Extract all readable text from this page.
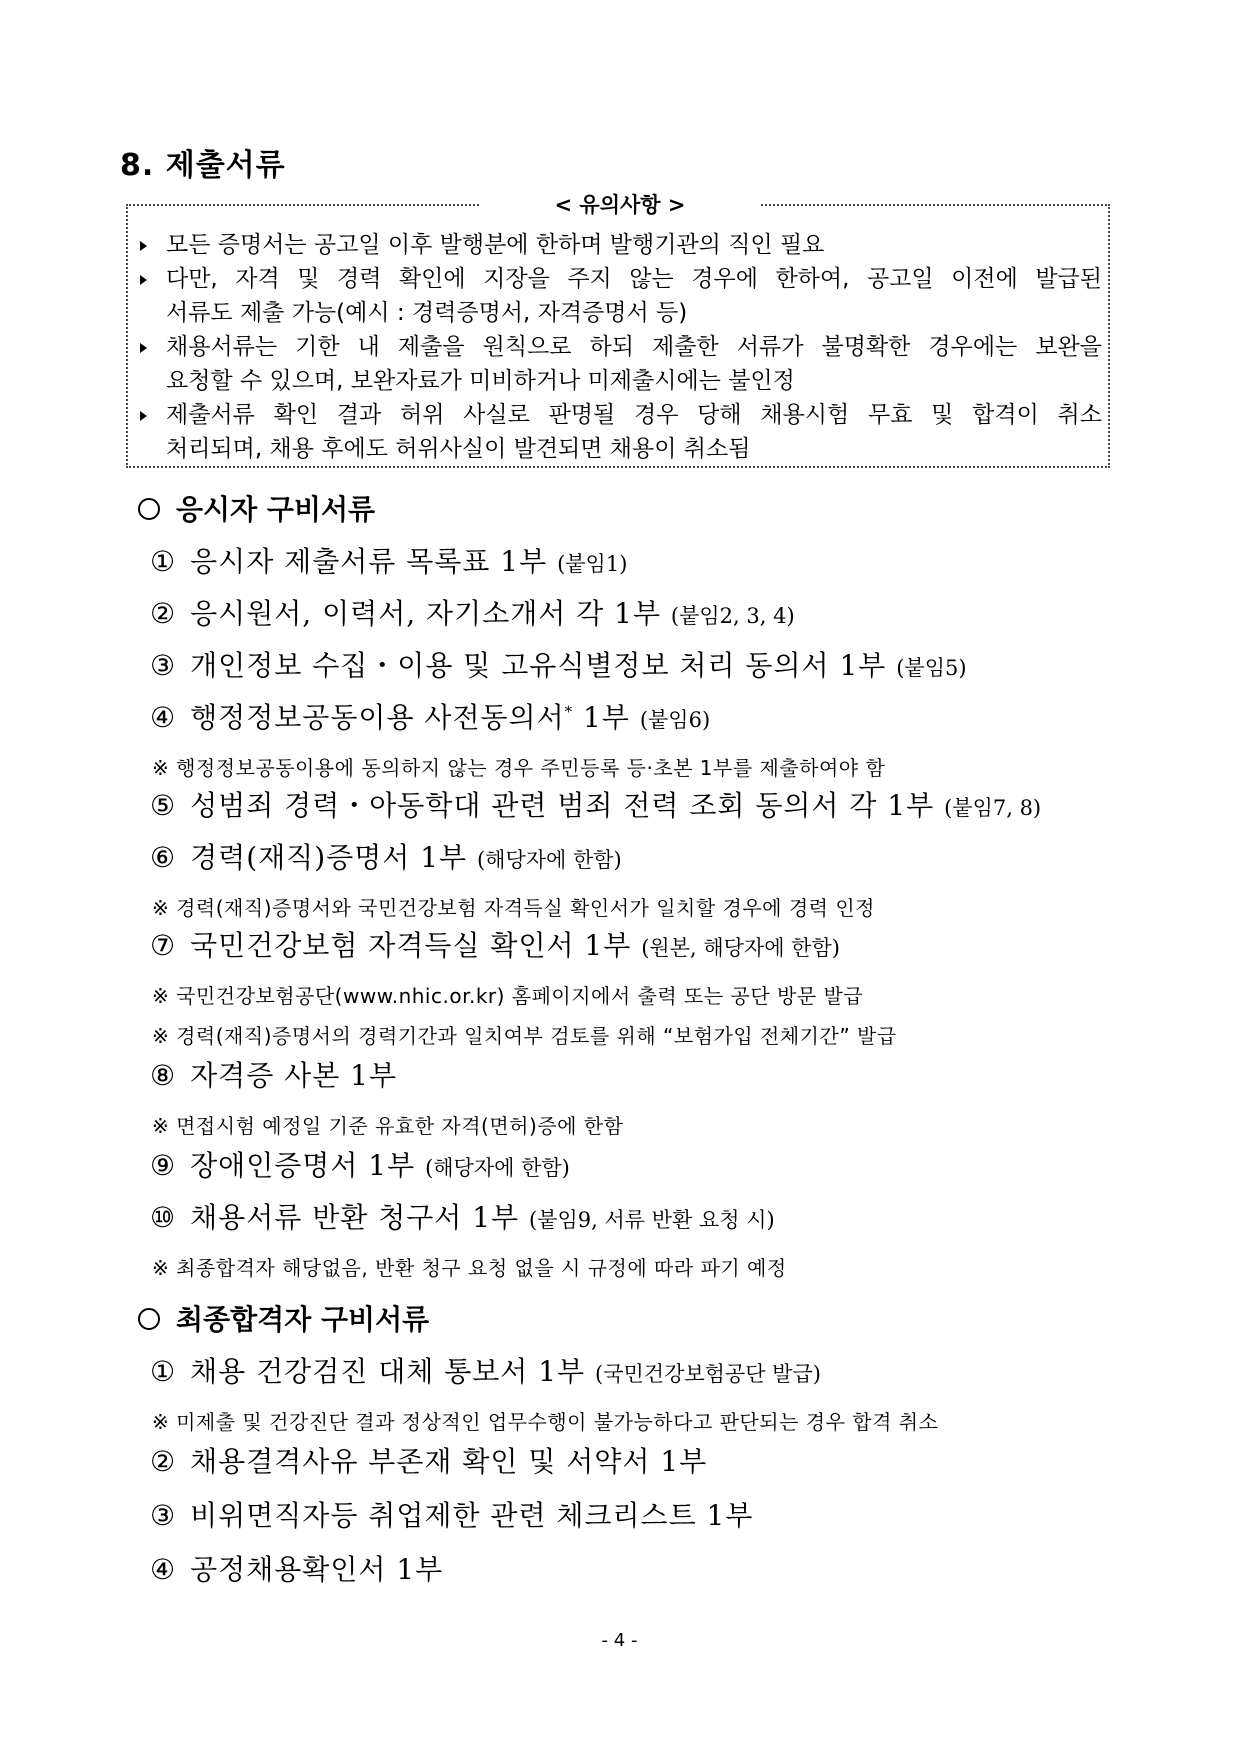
8. 제출서류
< 유의사항 >
모든 증명서는 공고일 이후 발행분에 한하며 발행기관의 직인 필요
다만, 자격 및 경력 확인에 지장을 주지 않는 경우에 한하여, 공고일 이전에 발급된
서류도 제출 가능(예시 : 경력증명서, 자격증명서 등)
채용서류는 기한 내 제출을 원칙으로 하되 제출한 서류가 불명확한 경우에는 보완을
요청할 수 있으며, 보완자료가 미비하거나 미제출시에는 불인정
제출서류 확인 결과 허위 사실로 판명될 경우 당해 채용시험 무효 및 합격이 취소
처리되며, 채용 후에도 허위사실이 발견되면 채용이 취소됨
응시자 구비서류
① 응시자 제출서류 목록표 1부 (붙임1)
② 응시원서, 이력서, 자기소개서 각 1부 (붙임2, 3, 4)
③ 개인정보 수집・이용 및 고유식별정보 처리 동의서 1부 (붙임5)
④ 행정정보공동이용 사전동의서* 1부 (붙임6)
※ 행정정보공동이용에 동의하지 않는 경우 주민등록 등·초본 1부를 제출하여야 함
⑤ 성범죄 경력・아동학대 관련 범죄 전력 조회 동의서 각 1부 (붙임7, 8)
⑥ 경력(재직)증명서 1부 (해당자에 한함)
※ 경력(재직)증명서와 국민건강보험 자격득실 확인서가 일치할 경우에 경력 인정
⑦ 국민건강보험 자격득실 확인서 1부 (원본, 해당자에 한함)
※ 국민건강보험공단(www.nhic.or.kr) 홈페이지에서 출력 또는 공단 방문 발급
※ 경력(재직)증명서의 경력기간과 일치여부 검토를 위해 “보험가입 전체기간” 발급
⑧ 자격증 사본 1부
※ 면접시험 예정일 기준 유효한 자격(면허)증에 한함
⑨ 장애인증명서 1부 (해당자에 한함)
⑩ 채용서류 반환 청구서 1부 (붙임9, 서류 반환 요청 시)
※ 최종합격자 해당없음, 반환 청구 요청 없을 시 규정에 따라 파기 예정
최종합격자 구비서류
① 채용 건강검진 대체 통보서 1부 (국민건강보험공단 발급)
※ 미제출 및 건강진단 결과 정상적인 업무수행이 불가능하다고 판단되는 경우 합격 취소
② 채용결격사유 부존재 확인 및 서약서 1부
③ 비위면직자등 취업제한 관련 체크리스트 1부
④ 공정채용확인서 1부
- 4 -
